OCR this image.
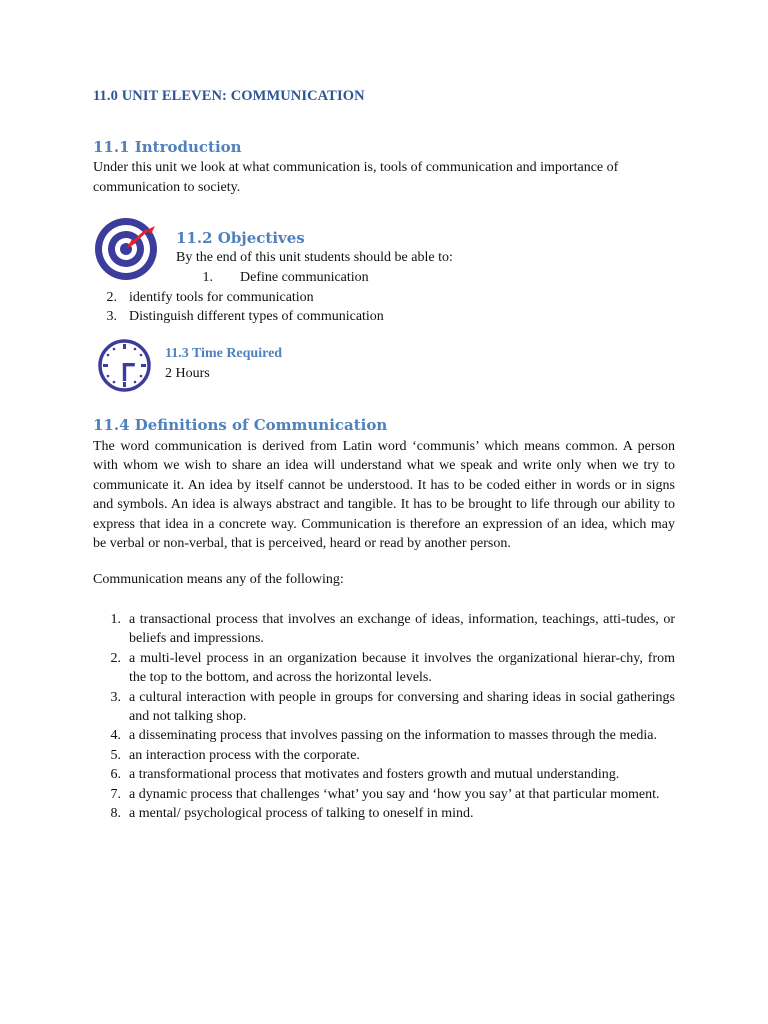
11.0 UNIT ELEVEN: COMMUNICATION
11.1 Introduction
Under this unit we look at what communication is, tools of communication and importance of communication to society.
11.2 Objectives
By the end of this unit students should be able to:
1. Define communication
2. identify tools for communication
3. Distinguish different types of communication
11.3 Time Required
2 Hours
11.4 Definitions of Communication
The word communication is derived from Latin word ‘communis’ which means common. A person with whom we wish to share an idea will understand what we speak and write only when we try to communicate it. An idea by itself cannot be understood. It has to be coded either in words or in signs and symbols. An idea is always abstract and tangible. It has to be brought to life through our ability to express that idea in a concrete way. Communication is therefore an expression of an idea, which may be verbal or non-verbal, that is perceived, heard or read by another person.
Communication means any of the following:
1. a transactional process that involves an exchange of ideas, information, teachings, atti-tudes, or beliefs and impressions.
2. a multi-level process in an organization because it involves the organizational hierar-chy, from the top to the bottom, and across the horizontal levels.
3. a cultural interaction with people in groups for conversing and sharing ideas in social gatherings and not talking shop.
4. a disseminating process that involves passing on the information to masses through the media.
5. an interaction process with the corporate.
6. a transformational process that motivates and fosters growth and mutual understanding.
7. a dynamic process that challenges ‘what’ you say and ‘how you say’ at that particular moment.
8. a mental/ psychological process of talking to oneself in mind.
